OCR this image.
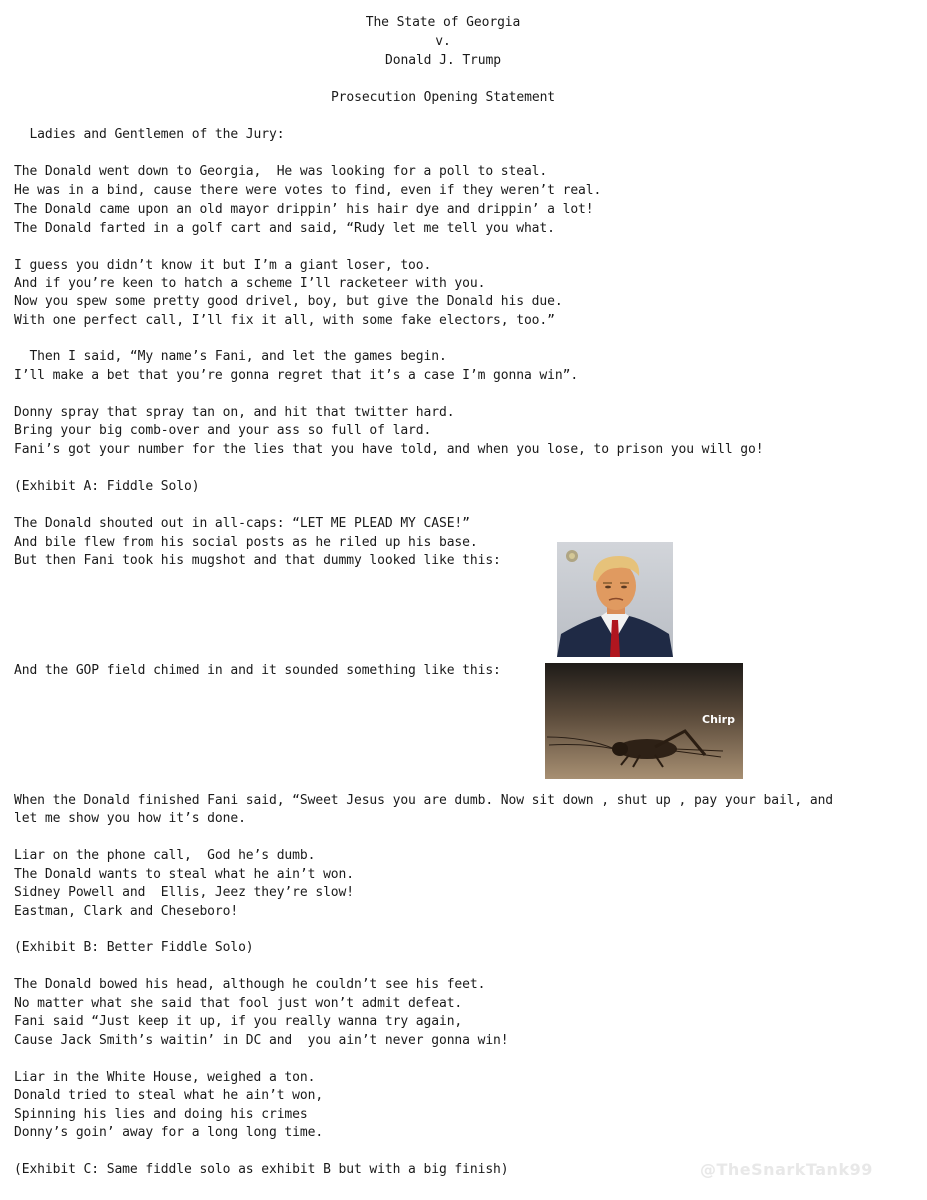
The State of Georgia
v.
Donald J. Trump
Prosecution Opening Statement
Ladies and Gentlemen of the Jury:
The Donald went down to Georgia,  He was looking for a poll to steal.
He was in a bind, cause there were votes to find, even if they weren’t real.
The Donald came upon an old mayor drippin’ his hair dye and drippin’ a lot!
The Donald farted in a golf cart and said, “Rudy let me tell you what.
I guess you didn’t know it but I’m a giant loser, too.
And if you’re keen to hatch a scheme I’ll racketeer with you.
Now you spew some pretty good drivel, boy, but give the Donald his due.
With one perfect call, I’ll fix it all, with some fake electors, too.”
Then I said, “My name’s Fani, and let the games begin.
I’ll make a bet that you’re gonna regret that it’s a case I’m gonna win”.
Donny spray that spray tan on, and hit that twitter hard.
Bring your big comb-over and your ass so full of lard.
Fani’s got your number for the lies that you have told, and when you lose, to prison you will go!
(Exhibit A: Fiddle Solo)
The Donald shouted out in all-caps: “LET ME PLEAD MY CASE!”
And bile flew from his social posts as he riled up his base.
But then Fani took his mugshot and that dummy looked like this:
And the GOP field chimed in and it sounded something like this:
Chirp
When the Donald finished Fani said, “Sweet Jesus you are dumb. Now sit down , shut up , pay your bail, and
let me show you how it’s done.
Liar on the phone call,  God he’s dumb.
The Donald wants to steal what he ain’t won.
Sidney Powell and  Ellis, Jeez they’re slow!
Eastman, Clark and Cheseboro!
(Exhibit B: Better Fiddle Solo)
The Donald bowed his head, although he couldn’t see his feet.
No matter what she said that fool just won’t admit defeat.
Fani said “Just keep it up, if you really wanna try again,
Cause Jack Smith’s waitin’ in DC and  you ain’t never gonna win!
Liar in the White House, weighed a ton.
Donald tried to steal what he ain’t won,
Spinning his lies and doing his crimes
Donny’s goin’ away for a long long time.
(Exhibit C: Same fiddle solo as exhibit B but with a big finish)	@TheSnarkTank99
